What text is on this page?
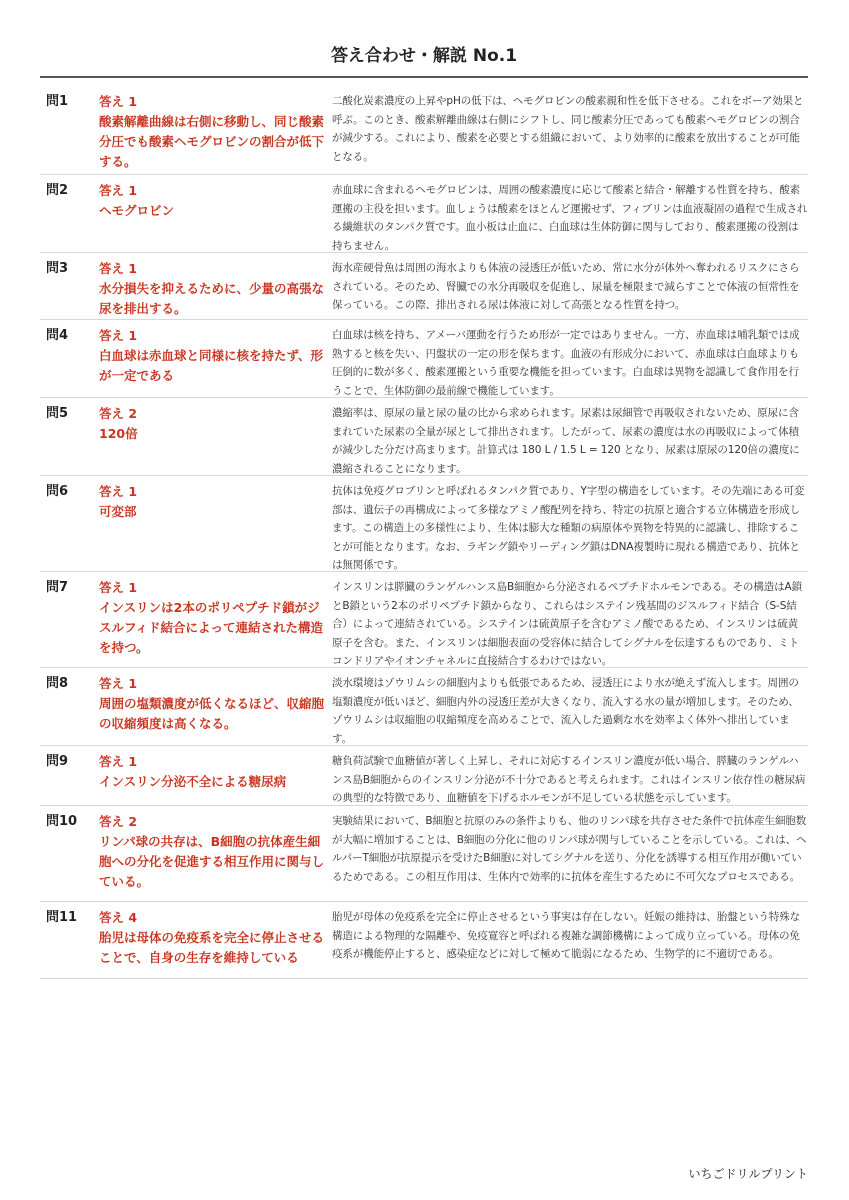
答え合わせ・解説 No.1
問1	答え 1
酸素解離曲線は右側に移動し、同じ酸素分圧でも酸素ヘモグロビンの割合が低下する。
二酸化炭素濃度の上昇やpHの低下は、ヘモグロビンの酸素親和性を低下させる。これをボーア効果と呼ぶ。このとき、酸素解離曲線は右側にシフトし、同じ酸素分圧であっても酸素ヘモグロビンの割合が減少する。これにより、酸素を必要とする組織において、より効率的に酸素を放出することが可能となる。
問2	答え 1
ヘモグロビン
赤血球に含まれるヘモグロビンは、周囲の酸素濃度に応じて酸素と結合・解離する性質を持ち、酸素運搬の主役を担います。血しょうは酸素をほとんど運搬せず、フィブリンは血液凝固の過程で生成される繊維状のタンパク質です。血小板は止血に、白血球は生体防御に関与しており、酸素運搬の役割は持ちません。
問3	答え 1
水分損失を抑えるために、少量の高張な尿を排出する。
海水産硬骨魚は周囲の海水よりも体液の浸透圧が低いため、常に水分が体外へ奪われるリスクにさらされている。そのため、腎臓での水分再吸収を促進し、尿量を極限まで減らすことで体液の恒常性を保っている。この際、排出される尿は体液に対して高張となる性質を持つ。
問4	答え 1
白血球は赤血球と同様に核を持たず、形が一定である
白血球は核を持ち、アメーバ運動を行うため形が一定ではありません。一方、赤血球は哺乳類では成熟すると核を失い、円盤状の一定の形を保ちます。血液の有形成分において、赤血球は白血球よりも圧倒的に数が多く、酸素運搬という重要な機能を担っています。白血球は異物を認識して食作用を行うことで、生体防御の最前線で機能しています。
問5	答え 2
120倍
濃縮率は、原尿の量と尿の量の比から求められます。尿素は尿細管で再吸収されないため、原尿に含まれていた尿素の全量が尿として排出されます。したがって、尿素の濃度は水の再吸収によって体積が減少した分だけ高まります。計算式は 180 L / 1.5 L = 120 となり、尿素は原尿の120倍の濃度に濃縮されることになります。
問6	答え 1
可変部
抗体は免疫グロブリンと呼ばれるタンパク質であり、Y字型の構造をしています。その先端にある可変部は、遺伝子の再構成によって多様なアミノ酸配列を持ち、特定の抗原と適合する立体構造を形成します。この構造上の多様性により、生体は膨大な種類の病原体や異物を特異的に認識し、排除することが可能となります。なお、ラギング鎖やリーディング鎖はDNA複製時に現れる構造であり、抗体とは無関係です。
問7	答え 1
インスリンは2本のポリペプチド鎖がジスルフィド結合によって連結された構造を持つ。
インスリンは膵臓のランゲルハンス島B細胞から分泌されるペプチドホルモンである。その構造はA鎖とB鎖という2本のポリペプチド鎖からなり、これらはシステイン残基間のジスルフィド結合（S-S結合）によって連結されている。システインは硫黄原子を含むアミノ酸であるため、インスリンは硫黄原子を含む。また、インスリンは細胞表面の受容体に結合してシグナルを伝達するものであり、ミトコンドリアやイオンチャネルに直接結合するわけではない。
問8	答え 1
周囲の塩類濃度が低くなるほど、収縮胞の収縮頻度は高くなる。
淡水環境はゾウリムシの細胞内よりも低張であるため、浸透圧により水が絶えず流入します。周囲の塩類濃度が低いほど、細胞内外の浸透圧差が大きくなり、流入する水の量が増加します。そのため、ゾウリムシは収縮胞の収縮頻度を高めることで、流入した過剰な水を効率よく体外へ排出しています。
問9	答え 1
インスリン分泌不全による糖尿病
糖負荷試験で血糖値が著しく上昇し、それに対応するインスリン濃度が低い場合、膵臓のランゲルハンス島B細胞からのインスリン分泌が不十分であると考えられます。これはインスリン依存性の糖尿病の典型的な特徴であり、血糖値を下げるホルモンが不足している状態を示しています。
問10	答え 2
リンパ球の共存は、B細胞の抗体産生細胞への分化を促進する相互作用に関与している。
実験結果において、B細胞と抗原のみの条件よりも、他のリンパ球を共存させた条件で抗体産生細胞数が大幅に増加することは、B細胞の分化に他のリンパ球が関与していることを示している。これは、ヘルパーT細胞が抗原提示を受けたB細胞に対してシグナルを送り、分化を誘導する相互作用が働いているためである。この相互作用は、生体内で効率的に抗体を産生するために不可欠なプロセスである。
問11	答え 4
胎児は母体の免疫系を完全に停止させることで、自身の生存を維持している
胎児が母体の免疫系を完全に停止させるという事実は存在しない。妊娠の維持は、胎盤という特殊な構造による物理的な隔離や、免疫寛容と呼ばれる複雑な調節機構によって成り立っている。母体の免疫系が機能停止すると、感染症などに対して極めて脆弱になるため、生物学的に不適切である。
いちごドリルプリント
